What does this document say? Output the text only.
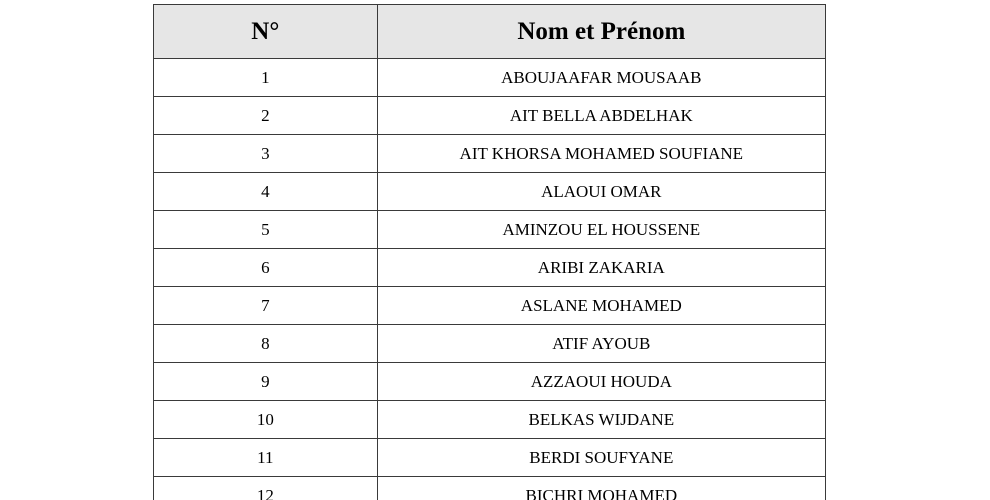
N°	Nom et Prénom
1	ABOUJAAFAR MOUSAAB
2	AIT BELLA ABDELHAK
3	AIT KHORSA MOHAMED SOUFIANE
4	ALAOUI OMAR
5	AMINZOU EL HOUSSENE
6	ARIBI ZAKARIA
7	ASLANE MOHAMED
8	ATIF AYOUB
9	AZZAOUI HOUDA
10	BELKAS WIJDANE
11	BERDI SOUFYANE
12	BICHRI MOHAMED
